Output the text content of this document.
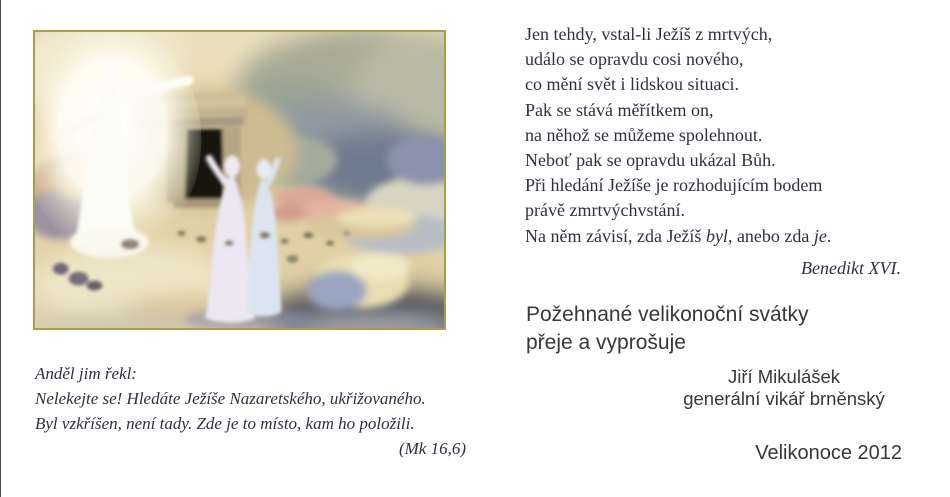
Anděl jim řekl:
Nelekejte se! Hledáte Ježíše Nazaretského, ukřižovaného.
Byl vzkříšen, není tady. Zde je to místo, kam ho položili.
(Mk 16,6)
Jen tehdy, vstal-li Ježíš z mrtvých,
událo se opravdu cosi nového,
co mění svět i lidskou situaci.
Pak se stává měřítkem on,
na něhož se můžeme spolehnout.
Neboť pak se opravdu ukázal Bůh.
Při hledání Ježíše je rozhodujícím bodem
právě zmrtvýchvstání.
Na něm závisí, zda Ježíš byl, anebo zda je.
Benedikt XVI.
Požehnané velikonoční svátky
přeje a vyprošuje
Jiří Mikulášek
generální vikář brněnský
Velikonoce 2012
